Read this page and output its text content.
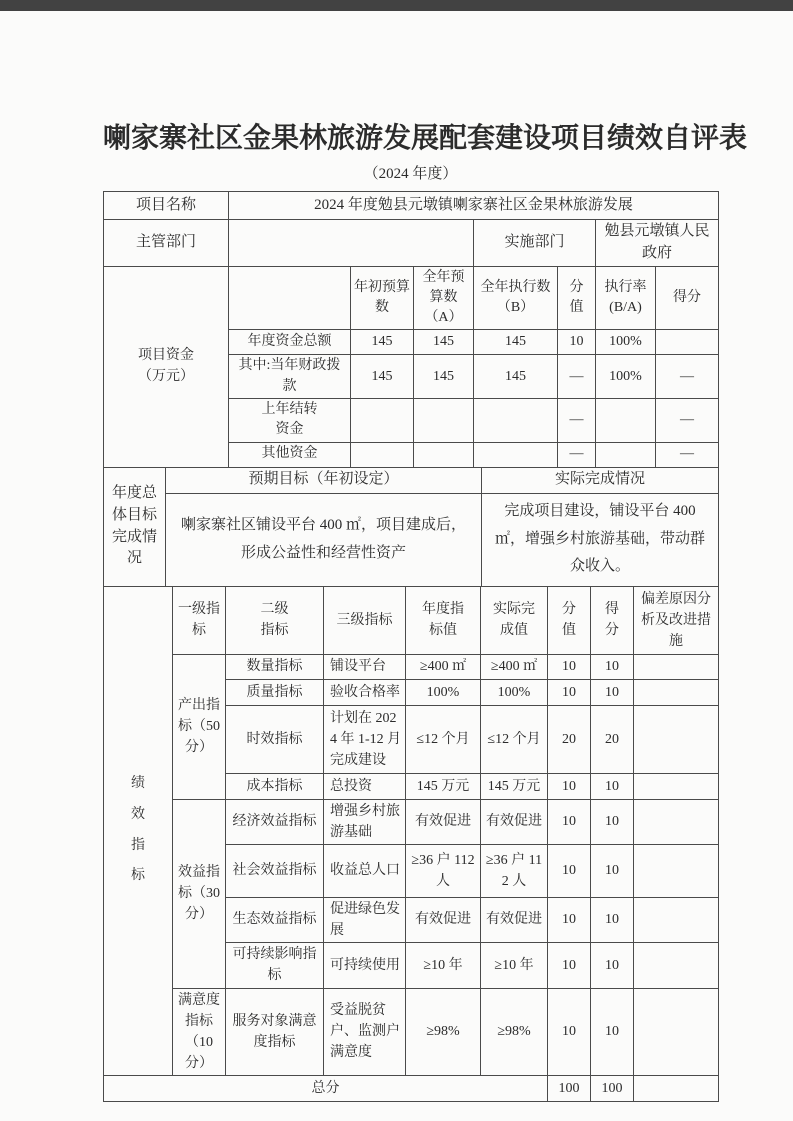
喇家寨社区金果林旅游发展配套建设项目绩效自评表
（2024 年度）
项目名称	2024 年度勉县元墩镇喇家寨社区金果林旅游发展		
主管部门		实施部门	勉县元墩镇人民政府
项目资金（万元）		年初预算数	全年预算数（A）	全年执行数（B）	分值	执行率 (B/A)	得分
	年度资金总额	145	145	145	10	100%	
	其中:当年财政拨款	145	145	145	—	100%	—

	上年结转资金				—		—
	其他资金				—		—
年度总体目标完成情况	预期目标（年初设定）	实际完成情况
	喇家寨社区铺设平台 400 ㎡，项目建成后，形成公益性和经营性资产	完成项目建设，铺设平台 400 ㎡，增强乡村旅游基础，带动群众收入。
绩效指标	一级指标	二级指标	三级指标	年度指标值	实际完成值	分值	得分	偏差原因分析及改进措施
	产出指标（50分）	数量指标	铺设平台	≥400 ㎡	≥400 ㎡	10	10	
		质量指标	验收合格率	100%	100%	10	10	
		时效指标	计划在 2024 年 1-12 月完成建设	≤12 个月	≤12 个月	20	20	
		成本指标	总投资	145 万元	145 万元	10	10	
	效益指标（30分）	经济效益指标	增强乡村旅游基础	有效促进	有效促进	10	10	
		社会效益指标	收益总人口	≥36 户 112 人	≥36 户 112 人	10	10	
		生态效益指标	促进绿色发展	有效促进	有效促进	10	10	
		可持续影响指标	可持续使用	≥10 年	≥10 年	10	10	
	满意度指标（10分）	服务对象满意度指标	受益脱贫户、监测户满意度	≥98%	≥98%	10	10	
总分						100	100	
